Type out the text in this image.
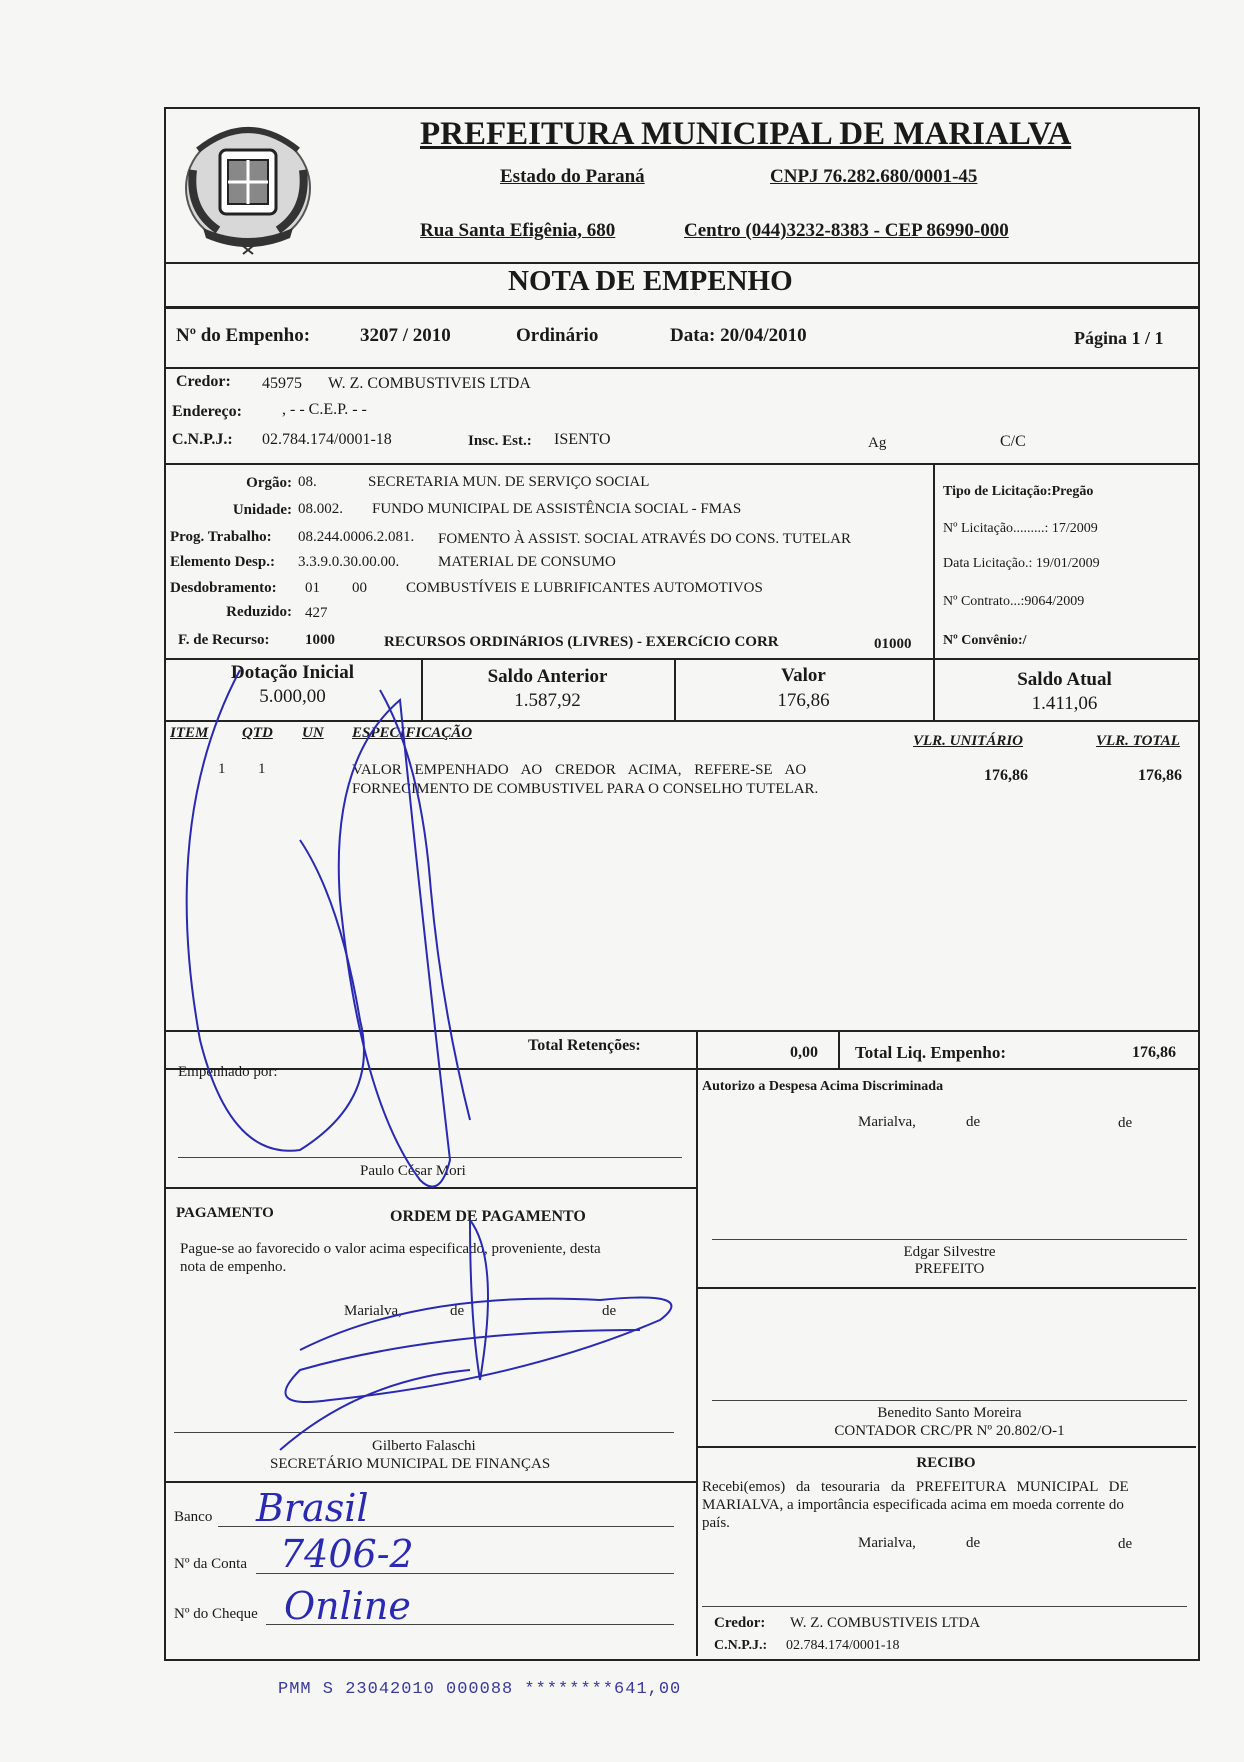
PREFEITURA MUNICIPAL DE MARIALVA
Estado do Paraná	CNPJ 76.282.680/0001-45
Rua Santa Efigênia, 680	Centro (044)3232-8383 - CEP 86990-000
NOTA DE EMPENHO
Nº do Empenho:	3207 / 2010	Ordinário	Data: 20/04/2010	Página 1 / 1
Credor: 45975 W. Z. COMBUSTIVEIS LTDA
Endereço:	, - - C.E.P. - -
C.N.P.J.: 02.784.174/0001-18	Insc. Est.: ISENTO	Ag	C/C
Orgão: 08.	SECRETARIA MUN. DE SERVIÇO SOCIAL
Unidade: 08.002. FUNDO MUNICIPAL DE ASSISTÊNCIA SOCIAL - FMAS
Prog. Trabalho: 08.244.0006.2.081. FOMENTO À ASSIST. SOCIAL ATRAVÉS DO CONS. TUTELAR
Elemento Desp.: 3.3.9.0.30.00.00.	MATERIAL DE CONSUMO
Desdobramento: 01 00	COMBUSTÍVEIS E LUBRIFICANTES AUTOMOTIVOS
Reduzido: 427
F. de Recurso: 1000	RECURSOS ORDINáRIOS (LIVRES) - EXERCíCIO CORR	01000
Tipo de Licitação:Pregão
Nº Licitação.........: 17/2009
Data Licitação.: 19/01/2009
Nº Contrato...:9064/2009
Nº Convênio:/
Dotação Inicial
5.000,00
Saldo Anterior
1.587,92
Valor
176,86
Saldo Atual
1.411,06
ITEM QTD UN ESPECIFICAÇÃO	VLR. UNITÁRIO	VLR. TOTAL
1 1	VALOR EMPENHADO AO CREDOR ACIMA, REFERE-SE AO
FORNECIMENTO DE COMBUSTIVEL PARA O CONSELHO TUTELAR.
176,86	176,86
Total Retenções:	0,00 Total Liq. Empenho:	176,86
Empenhado por:
Paulo César Mori
Autorizo a Despesa Acima Discriminada
Marialva,	de	de
Edgar Silvestre
PREFEITO
PAGAMENTO	ORDEM DE PAGAMENTO
Pague-se ao favorecido o valor acima especificado, proveniente, desta
nota de empenho.
Marialva,	de	de
Gilberto Falaschi
SECRETÁRIO MUNICIPAL DE FINANÇAS
Banco Brasil
Nº da Conta 7406-2
Nº do Cheque Online
Benedito Santo Moreira
CONTADOR CRC/PR Nº 20.802/O-1
RECIBO
Recebi(emos) da tesouraria da PREFEITURA MUNICIPAL DE
MARIALVA, a importância especificada acima em moeda corrente do
país.
Marialva,	de	de
Credor: W. Z. COMBUSTIVEIS LTDA
C.N.P.J.: 02.784.174/0001-18
PMM S 23042010 000088 ********641,00
